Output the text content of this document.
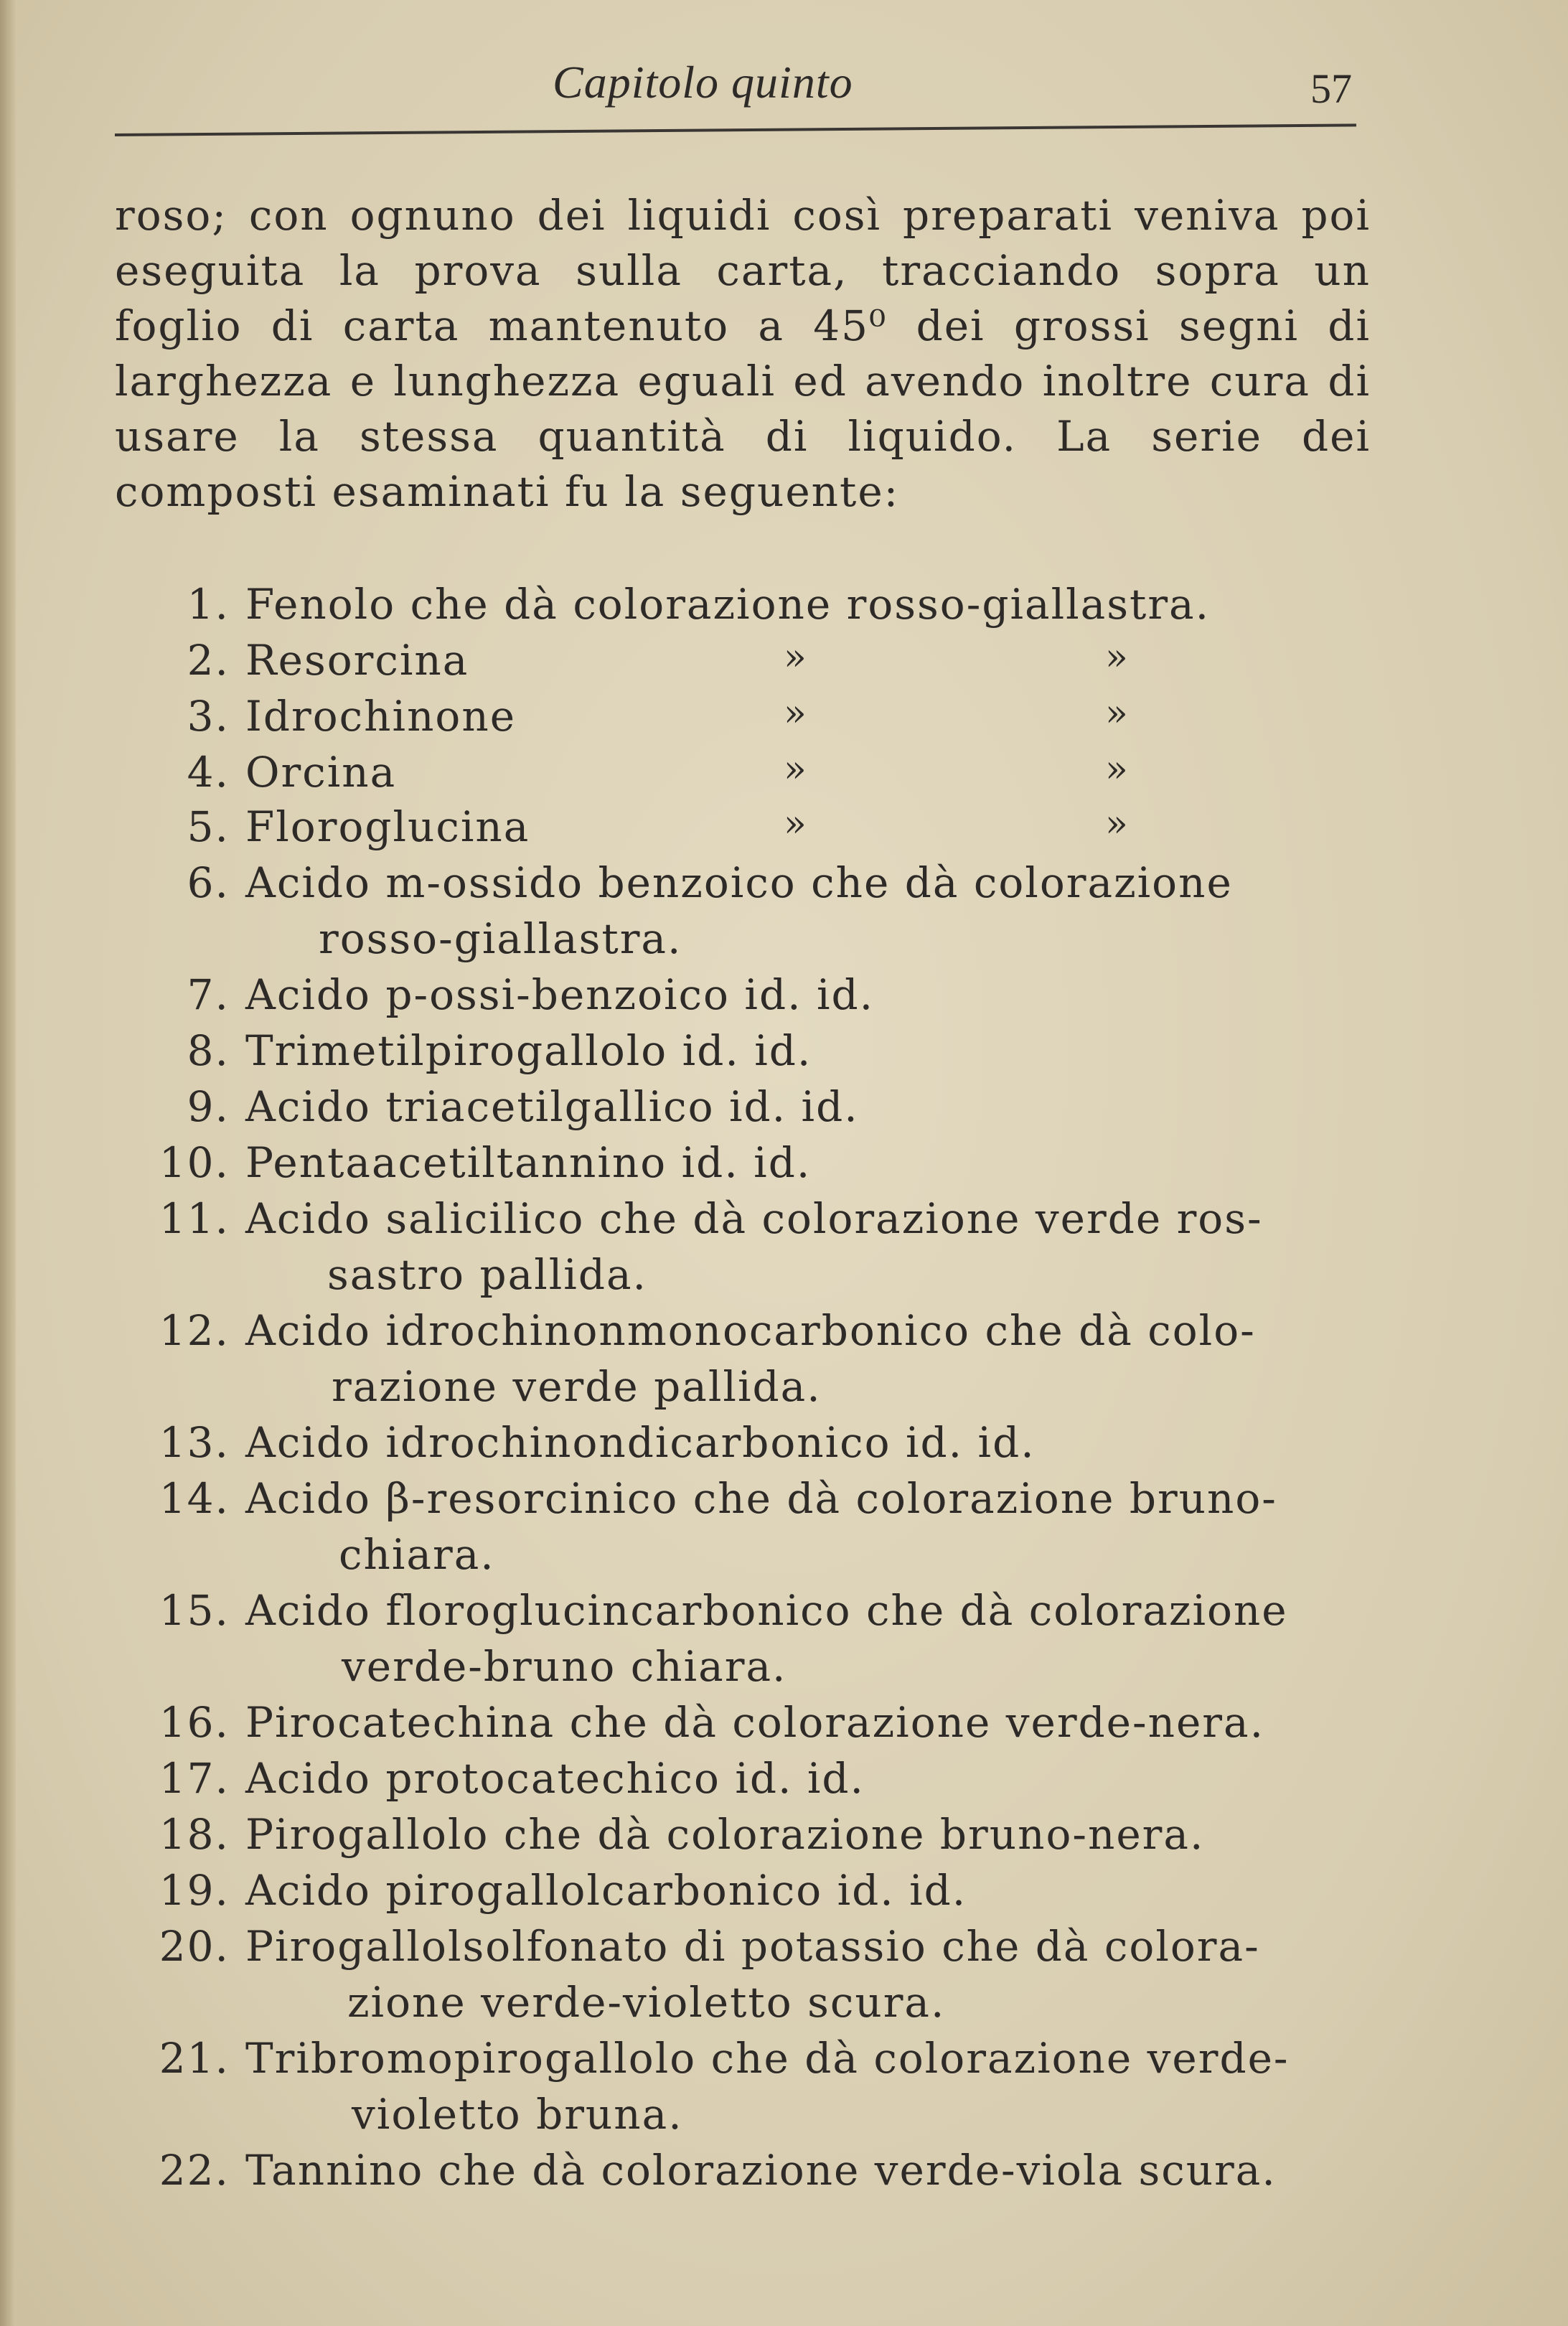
Capitolo quinto	57
roso; con ognuno dei liquidi così preparati veniva poi eseguita la prova sulla carta, tracciando sopra un foglio di carta mantenuto a 45⁰ dei grossi segni di larghezza e lunghezza eguali ed avendo inoltre cura di usare la stessa quantità di liquido. La serie dei composti esaminati fu la seguente:
1. Fenolo che dà colorazione rosso-giallastra.
2. Resorcina	»	»
3. Idrochinone	»	»
4. Orcina	»	»
5. Floroglucina	»	»
6. Acido m-ossido benzoico che dà colorazione
rosso-giallastra.
7. Acido p-ossi-benzoico id. id.
8. Trimetilpirogallolo id. id.
9. Acido triacetilgallico id. id.
10. Pentaacetiltannino id. id.
11. Acido salicilico che dà colorazione verde ros-
sastro pallida.
12. Acido idrochinonmonocarbonico che dà colo-
razione verde pallida.
13. Acido idrochinondicarbonico id. id.
14. Acido β-resorcinico che dà colorazione bruno-
chiara.
15. Acido floroglucincarbonico che dà colorazione
verde-bruno chiara.
16. Pirocatechina che dà colorazione verde-nera.
17. Acido protocatechico id. id.
18. Pirogallolo che dà colorazione bruno-nera.
19. Acido pirogallolcarbonico id. id.
20. Pirogallolsolfonato di potassio che dà colora-
zione verde-violetto scura.
21. Tribromopirogallolo che dà colorazione verde-
violetto bruna.
22. Tannino che dà colorazione verde-viola scura.
